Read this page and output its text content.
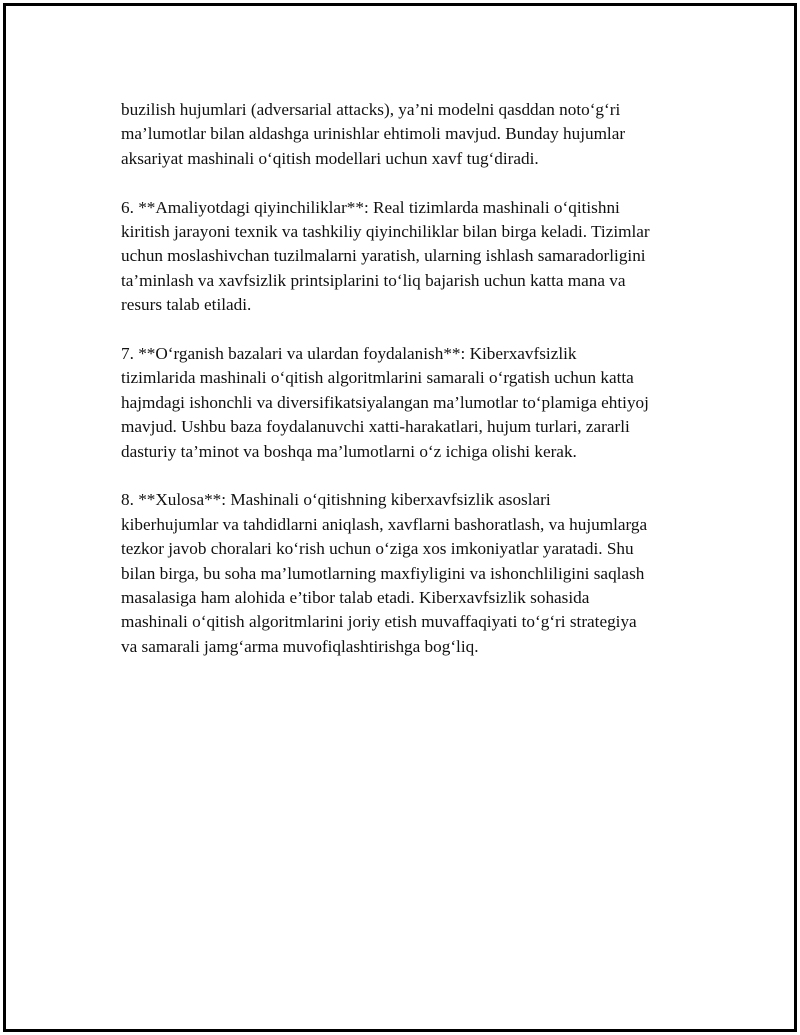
buzilish hujumlari (adversarial attacks), ya’ni modelni qasddan noto‘g‘ri
ma’lumotlar bilan aldashga urinishlar ehtimoli mavjud. Bunday hujumlar
aksariyat mashinali o‘qitish modellari uchun xavf tug‘diradi.

6. **Amaliyotdagi qiyinchiliklar**: Real tizimlarda mashinali o‘qitishni
kiritish jarayoni texnik va tashkiliy qiyinchiliklar bilan birga keladi. Tizimlar
uchun moslashivchan tuzilmalarni yaratish, ularning ishlash samaradorligini
ta’minlash va xavfsizlik printsiplarini to‘liq bajarish uchun katta mana va
resurs talab etiladi.

7. **O‘rganish bazalari va ulardan foydalanish**: Kiberxavfsizlik
tizimlarida mashinali o‘qitish algoritmlarini samarali o‘rgatish uchun katta
hajmdagi ishonchli va diversifikatsiyalangan ma’lumotlar to‘plamiga ehtiyoj
mavjud. Ushbu baza foydalanuvchi xatti-harakatlari, hujum turlari, zararli
dasturiy ta’minot va boshqa ma’lumotlarni o‘z ichiga olishi kerak.

8. **Xulosa**: Mashinali o‘qitishning kiberxavfsizlik asoslari
kiberhujumlar va tahdidlarni aniqlash, xavflarni bashoratlash, va hujumlarga
tezkor javob choralari ko‘rish uchun o‘ziga xos imkoniyatlar yaratadi. Shu
bilan birga, bu soha ma’lumotlarning maxfiyligini va ishonchliligini saqlash
masalasiga ham alohida e’tibor talab etadi. Kiberxavfsizlik sohasida
mashinali o‘qitish algoritmlarini joriy etish muvaffaqiyati to‘g‘ri strategiya
va samarali jamg‘arma muvofiqlashtirishga bog‘liq.
